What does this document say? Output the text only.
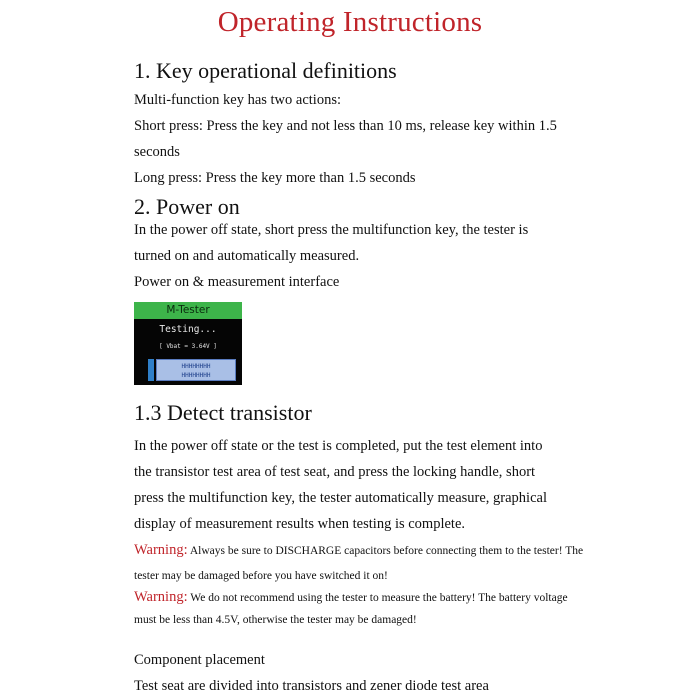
Operating Instructions
1. Key operational definitions
Multi-function key has two actions:
Short press: Press the key and not less than 10 ms, release key within 1.5
seconds
Long press: Press the key more than 1.5 seconds
2. Power on
In the power off state, short press the multifunction key, the tester is
turned on and automatically measured.
Power on & measurement interface
M-Tester
Testing...
[ Vbat = 3.64V ]
HHHHHHHH
HHHHHHHH
1.3 Detect transistor
In the power off state or the test is completed, put the test element into
the transistor test area of test seat, and press the locking handle, short
press the multifunction key, the tester automatically measure, graphical
display of measurement results when testing is complete.
Warning: Always be sure to DISCHARGE capacitors before connecting them to the tester! The
tester may be damaged before you have switched it on!
Warning: We do not recommend using the tester to measure the battery! The battery voltage
must be less than 4.5V, otherwise the tester may be damaged!
Component placement
Test seat are divided into transistors and zener diode test area
